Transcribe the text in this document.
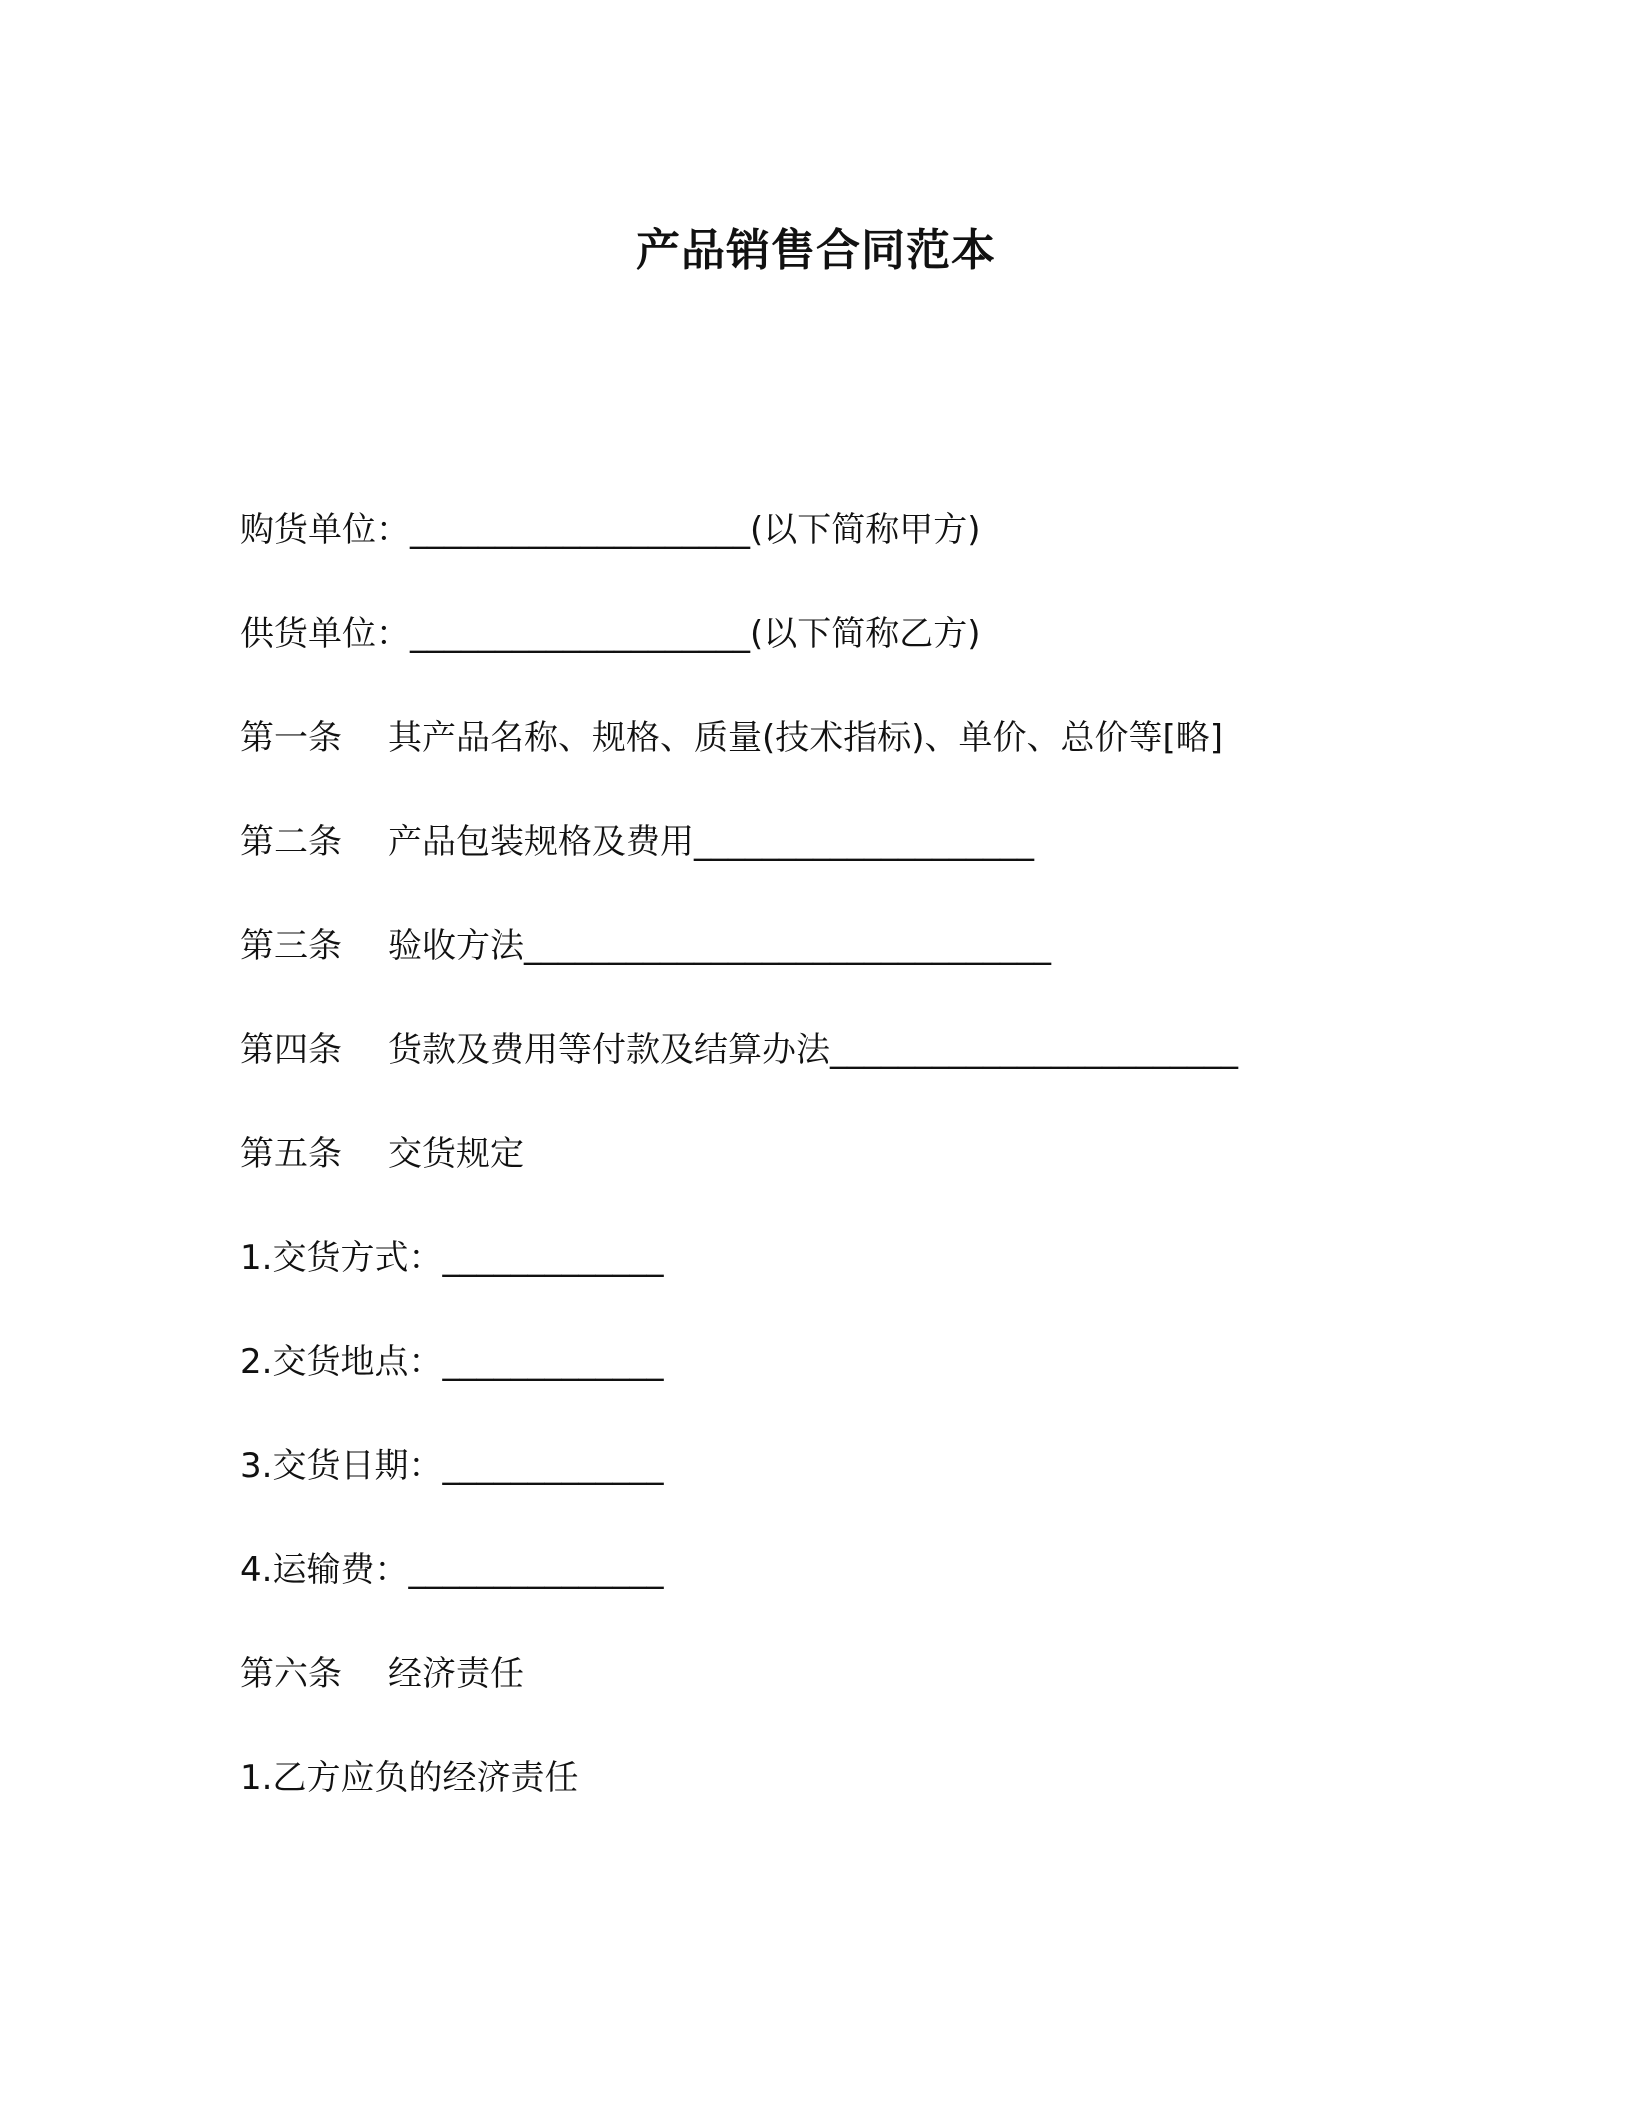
产品销售合同范本
购货单位：____________________(以下简称甲方)
供货单位：____________________(以下简称乙方)
第一条 其产品名称、规格、质量(技术指标)、单价、总价等[略]
第二条 产品包装规格及费用____________________
第三条 验收方法_______________________________
第四条 货款及费用等付款及结算办法________________________
第五条 交货规定
1.交货方式：_____________
2.交货地点：_____________
3.交货日期：_____________
4.运输费：_______________
第六条 经济责任
1.乙方应负的经济责任
